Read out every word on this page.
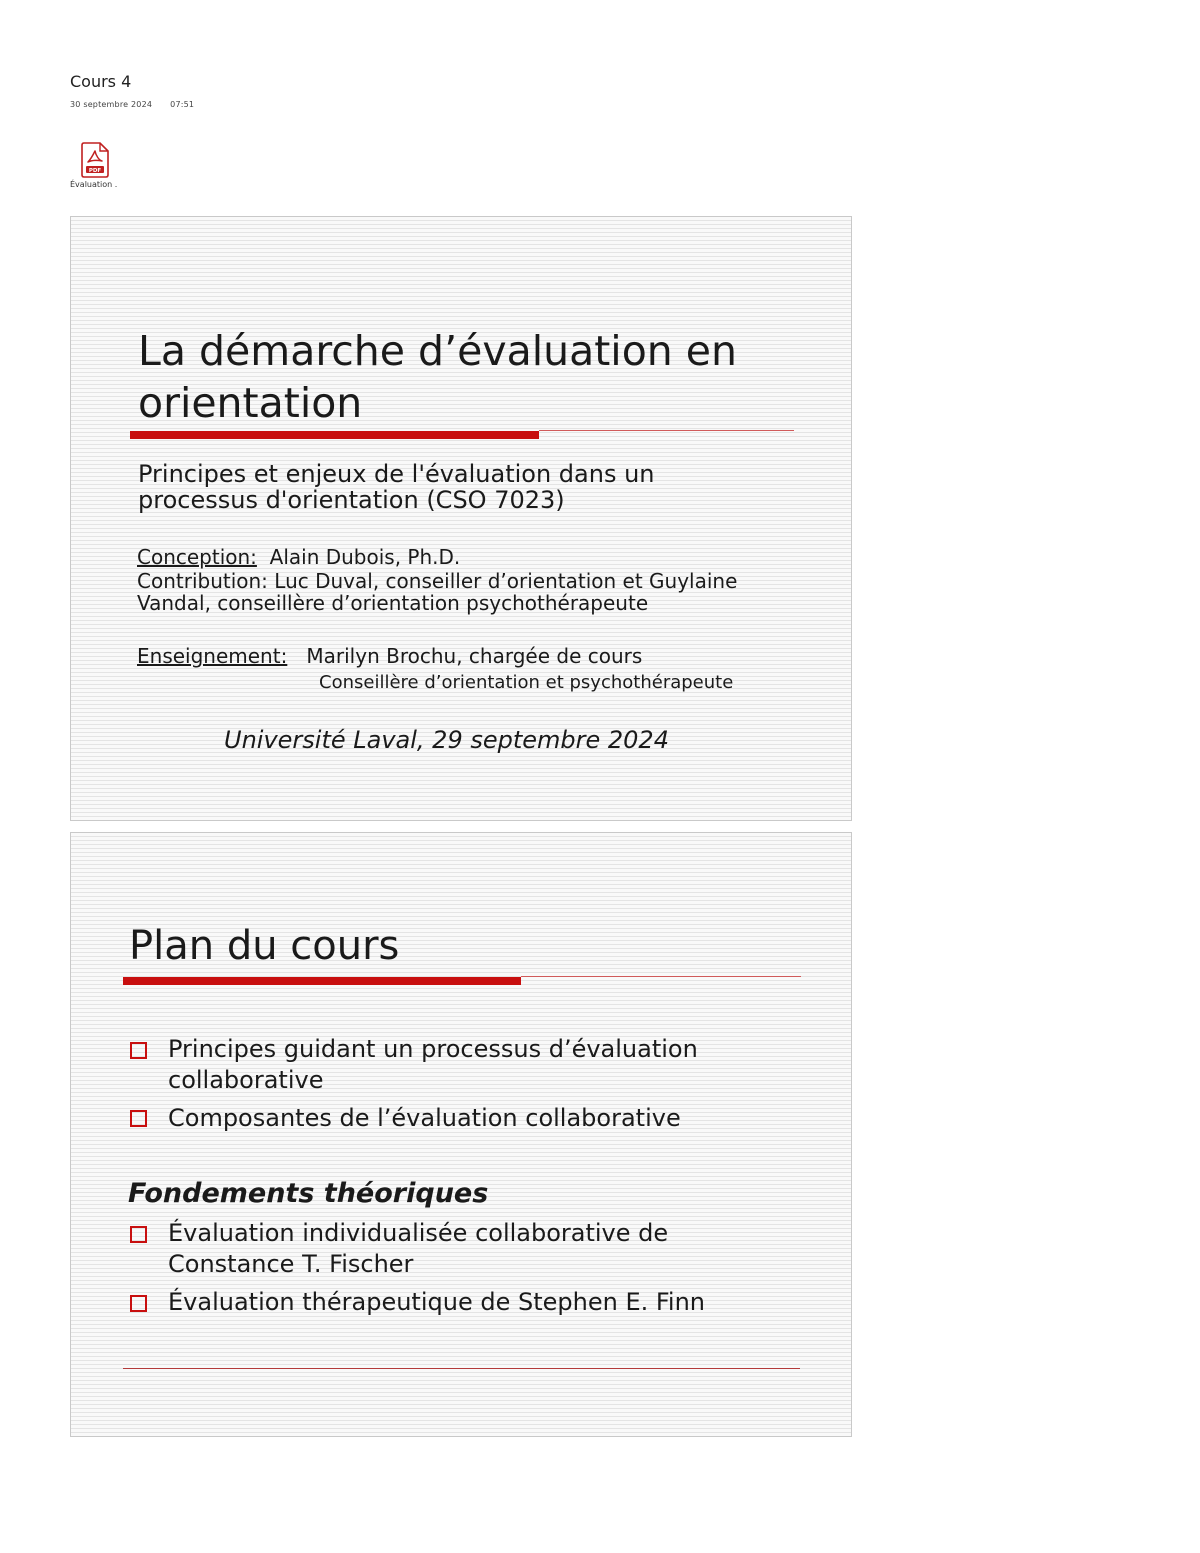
Cours 4
30 septembre 2024 07:51
PDF
Évaluation .
La démarche d’évaluation en
orientation
Principes et enjeux de l'évaluation dans un
processus d'orientation (CSO 7023)
Conception: Alain Dubois, Ph.D.
Contribution: Luc Duval, conseiller d’orientation et Guylaine
Vandal, conseillère d’orientation psychothérapeute
Enseignement: Marilyn Brochu, chargée de cours
Conseillère d’orientation et psychothérapeute
Université Laval, 29 septembre 2024
Plan du cours
Principes guidant un processus d’évaluation
collaborative
Composantes de l’évaluation collaborative
Fondements théoriques
Évaluation individualisée collaborative de
Constance T. Fischer
Évaluation thérapeutique de Stephen E. Finn
